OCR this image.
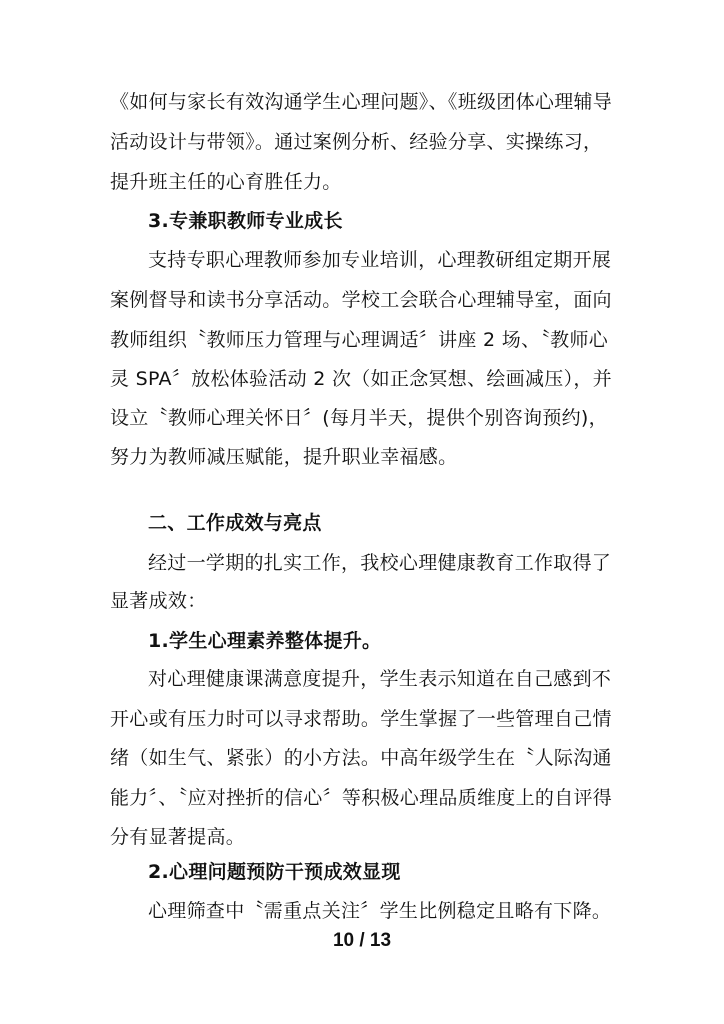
《如何与家长有效沟通学生心理问题》、《班级团体心理辅导
活动设计与带领》。通过案例分析、经验分享、实操练习，
提升班主任的心育胜任力。
3.专兼职教师专业成长
支持专职心理教师参加专业培训，心理教研组定期开展
案例督导和读书分享活动。学校工会联合心理辅导室，面向
教师组织〝教师压力管理与心理调适〞讲座 2 场、〝教师心
灵 SPA〞放松体验活动 2 次（如正念冥想、绘画减压），并
设立〝教师心理关怀日〞(每月半天，提供个别咨询预约)，
努力为教师减压赋能，提升职业幸福感。
二、工作成效与亮点
经过一学期的扎实工作，我校心理健康教育工作取得了
显著成效：
1.学生心理素养整体提升。
对心理健康课满意度提升，学生表示知道在自己感到不
开心或有压力时可以寻求帮助。学生掌握了一些管理自己情
绪（如生气、紧张）的小方法。中高年级学生在〝人际沟通
能力〞、〝应对挫折的信心〞等积极心理品质维度上的自评得
分有显著提高。
2.心理问题预防干预成效显现
心理筛查中〝需重点关注〞学生比例稳定且略有下降。
10 / 13
